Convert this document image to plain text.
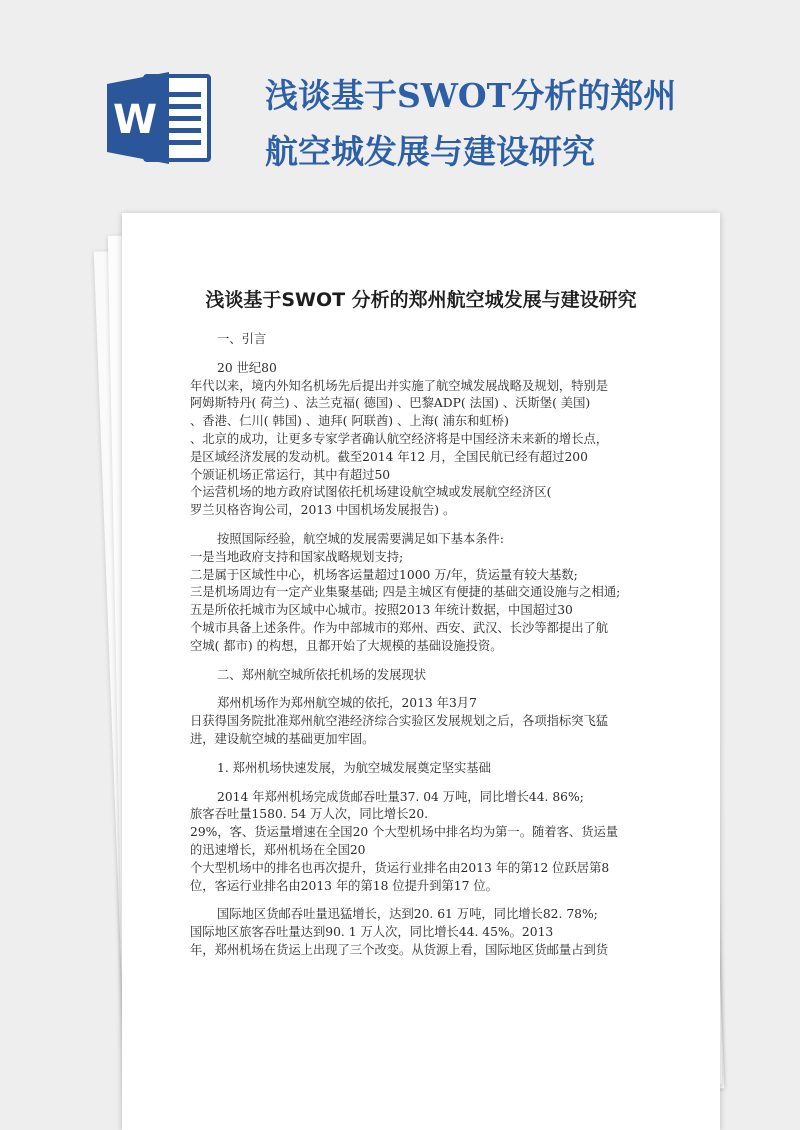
W
浅谈基于SWOT分析的郑州
航空城发展与建设研究
浅谈基于SWOT 分析的郑州航空城发展与建设研究

一、引言

20 世纪80
年代以来，境内外知名机场先后提出并实施了航空城发展战略及规划，特别是
阿姆斯特丹( 荷兰) 、法兰克福( 德国) 、巴黎ADP( 法国) 、沃斯堡( 美国)
、香港、仁川( 韩国) 、迪拜( 阿联酋) 、上海( 浦东和虹桥)
、北京的成功，让更多专家学者确认航空经济将是中国经济未来新的增长点，
是区域经济发展的发动机。截至2014 年12 月，全国民航已经有超过200
个颁证机场正常运行，其中有超过50
个运营机场的地方政府试图依托机场建设航空城或发展航空经济区(
罗兰贝格咨询公司，2013 中国机场发展报告) 。

按照国际经验，航空城的发展需要满足如下基本条件:
一是当地政府支持和国家战略规划支持;
二是属于区域性中心，机场客运量超过1000 万/年，货运量有较大基数;
三是机场周边有一定产业集聚基础; 四是主城区有便捷的基础交通设施与之相通;
五是所依托城市为区域中心城市。按照2013 年统计数据，中国超过30
个城市具备上述条件。作为中部城市的郑州、西安、武汉、长沙等都提出了航
空城( 都市) 的构想，且都开始了大规模的基础设施投资。

二、郑州航空城所依托机场的发展现状

郑州机场作为郑州航空城的依托，2013 年3月7
日获得国务院批准郑州航空港经济综合实验区发展规划之后，各项指标突飞猛
进，建设航空城的基础更加牢固。

1. 郑州机场快速发展，为航空城发展奠定坚实基础

2014 年郑州机场完成货邮吞吐量37. 04 万吨，同比增长44. 86%;
旅客吞吐量1580. 54 万人次，同比增长20.
29%，客、货运量增速在全国20 个大型机场中排名均为第一。随着客、货运量
的迅速增长，郑州机场在全国20
个大型机场中的排名也再次提升，货运行业排名由2013 年的第12 位跃居第8
位，客运行业排名由2013 年的第18 位提升到第17 位。

国际地区货邮吞吐量迅猛增长，达到20. 61 万吨，同比增长82. 78%;
国际地区旅客吞吐量达到90. 1 万人次，同比增长44. 45%。2013
年，郑州机场在货运上出现了三个改变。从货源上看，国际地区货邮量占到货
